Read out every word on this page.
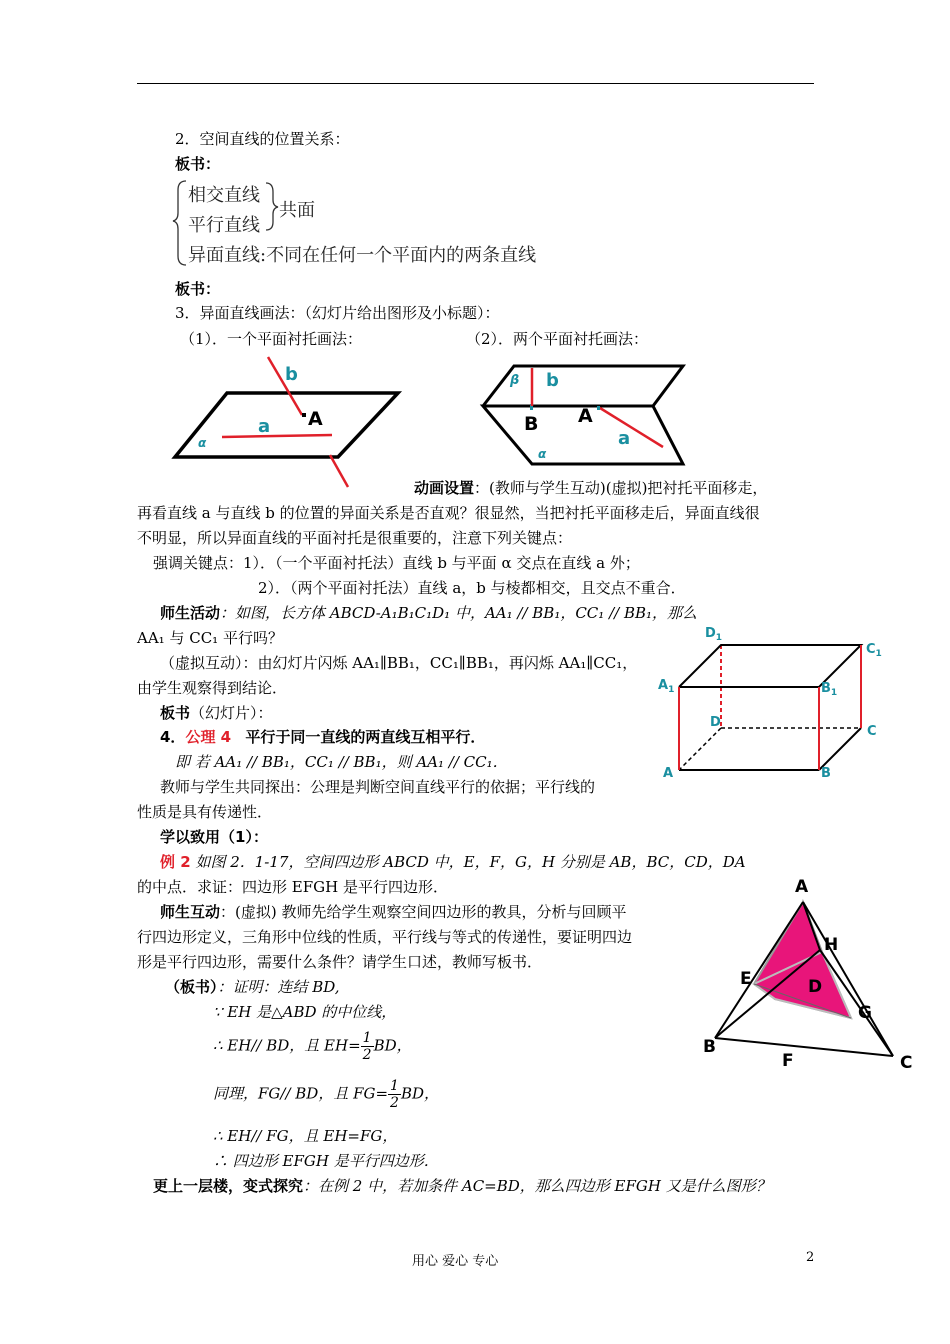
2．空间直线的位置关系：
板书：
相交直线
平行直线
共面
异面直线:不同在任何一个平面内的两条直线
板书：
3．异面直线画法：（幻灯片给出图形及小标题）：
（1）．一个平面衬托画法：	（2）．两个平面衬托画法：
b
A
a
α
β b
B A
a
α
动画设置：(教师与学生互动)(虚拟)把衬托平面移走，
再看直线 a 与直线 b 的位置的异面关系是否直观？很显然，当把衬托平面移走后，异面直线很
不明显，所以异面直线的平面衬托是很重要的，注意下列关键点：
强调关键点：1）．（一个平面衬托法）直线 b 与平面 α 交点在直线 a 外；
2）．（两个平面衬托法）直线 a，b 与棱都相交，且交点不重合．
师生活动：如图，长方体 ABCD-A₁B₁C₁D₁ 中，AA₁ // BB₁，CC₁ // BB₁，那么
AA₁ 与 CC₁ 平行吗？
（虚拟互动）：由幻灯片闪烁 AA₁∥BB₁，CC₁∥BB₁，再闪烁 AA₁∥CC₁，
由学生观察得到结论．
板书（幻灯片）：
4．公理 4 平行于同一直线的两直线互相平行．
即 若 AA₁ // BB₁，CC₁ // BB₁，则 AA₁ // CC₁．
教师与学生共同探出：公理是判断空间直线平行的依据；平行线的
性质是具有传递性．
$D_1$
$C_1$
$A_1$	$B_1$
D
C
A	B
学以致用（1）：
例 2 如图 2．1-17，空间四边形 ABCD 中，E，F，G，H 分别是 AB，BC，CD，DA
的中点．求证：四边形 EFGH 是平行四边形．
师生互动：(虚拟) 教师先给学生观察空间四边形的教具，分析与回顾平
行四边形定义，三角形中位线的性质，平行线与等式的传递性，要证明四边
形是平行四边形，需要什么条件？请学生口述，教师写板书．
（板书）：证明：连结 BD,
∵ EH 是△ABD 的中位线，
∴ EH// BD，且 $EH= \frac{1}{2}$ BD，
同理，FG// BD，且 $FG= \frac{1}{2}$ BD，
∴ EH// FG，且 EH=FG，
∴ 四边形 EFGH 是平行四边形．
A
H
E	D
G
B
F	C
更上一层楼，变式探究：在例 2 中，若加条件 AC=BD，那么四边形 EFGH 又是什么图形？
用心 爱心 专心	2
